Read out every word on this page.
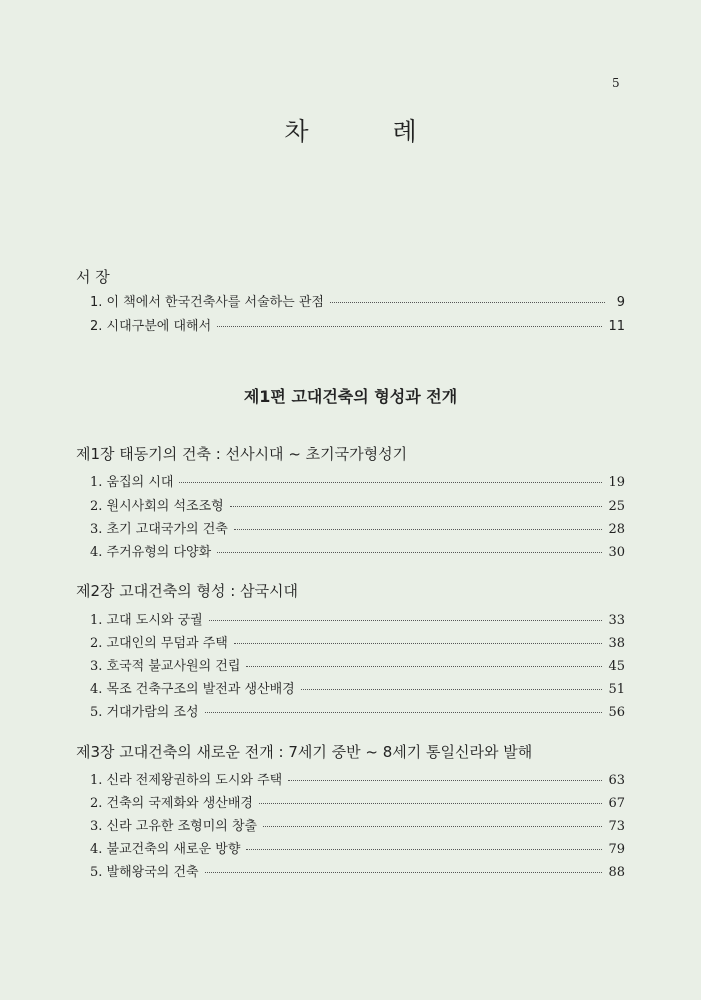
5
차 례
서 장
1. 이 책에서 한국건축사를 서술하는 관점	9
2. 시대구분에 대해서	11
제1편 고대건축의 형성과 전개
제1장 태동기의 건축 : 선사시대 ~ 초기국가형성기
1. 움집의 시대	19
2. 원시사회의 석조조형	25
3. 초기 고대국가의 건축	28
4. 주거유형의 다양화	30
제2장 고대건축의 형성 : 삼국시대
1. 고대 도시와 궁궐	33
2. 고대인의 무덤과 주택	38
3. 호국적 불교사원의 건립	45
4. 목조 건축구조의 발전과 생산배경	51
5. 거대가람의 조성	56
제3장 고대건축의 새로운 전개 : 7세기 중반 ~ 8세기 통일신라와 발해
1. 신라 전제왕권하의 도시와 주택	63
2. 건축의 국제화와 생산배경	67
3. 신라 고유한 조형미의 창출	73
4. 불교건축의 새로운 방향	79
5. 발해왕국의 건축	88
